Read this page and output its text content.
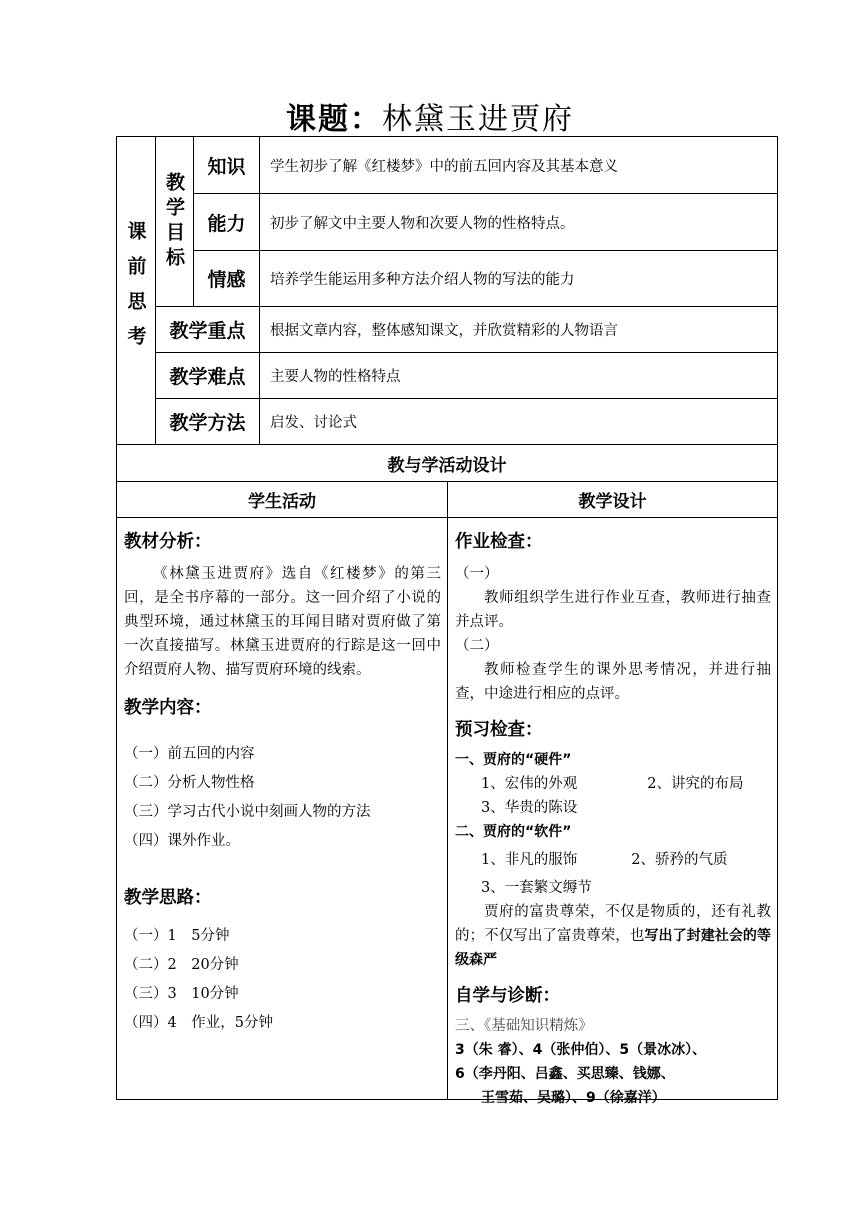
课题：林黛玉进贾府
课前思考 教学目标
知识	学生初步了解《红楼梦》中的前五回内容及其基本意义
能力	初步了解文中主要人物和次要人物的性格特点。
情感	培养学生能运用多种方法介绍人物的写法的能力
教学重点	根据文章内容，整体感知课文，并欣赏精彩的人物语言
教学难点	主要人物的性格特点
教学方法	启发、讨论式
教与学活动设计
学生活动	教学设计
教材分析：

《林黛玉进贾府》选自《红楼梦》的第三回，是全书序幕的一部分。这一回介绍了小说的典型环境，通过林黛玉的耳闻目睹对贾府做了第一次直接描写。林黛玉进贾府的行踪是这一回中介绍贾府人物、描写贾府环境的线索。

教学内容：

（一）前五回的内容

（二）分析人物性格

（三）学习古代小说中刻画人物的方法

（四）课外作业。

教学思路：

（一）1　5分钟

（二）2　20分钟

（三）3　10分钟

（四）4　作业，5分钟

作业检查：

（一）

教师组织学生进行作业互查，教师进行抽查并点评。

（二）

教师检查学生的课外思考情况，并进行抽查，中途进行相应的点评。

预习检查：

一、贾府的“硬件”

1、宏伟的外观	2、讲究的布局

3、华贵的陈设

二、贾府的“软件”

1、非凡的服饰	2、骄矜的气质

3、一套繁文缛节

贾府的富贵尊荣，不仅是物质的，还有礼教的；不仅写出了富贵尊荣，也写出了封建社会的等级森严

自学与诊断：

三、《基础知识精炼》

3（朱 睿）、4（张仲伯）、5（景冰冰）、

6（李丹阳、吕鑫、买思臻、钱娜、

王雪茹、吴璐）、9（徐嘉洋）
